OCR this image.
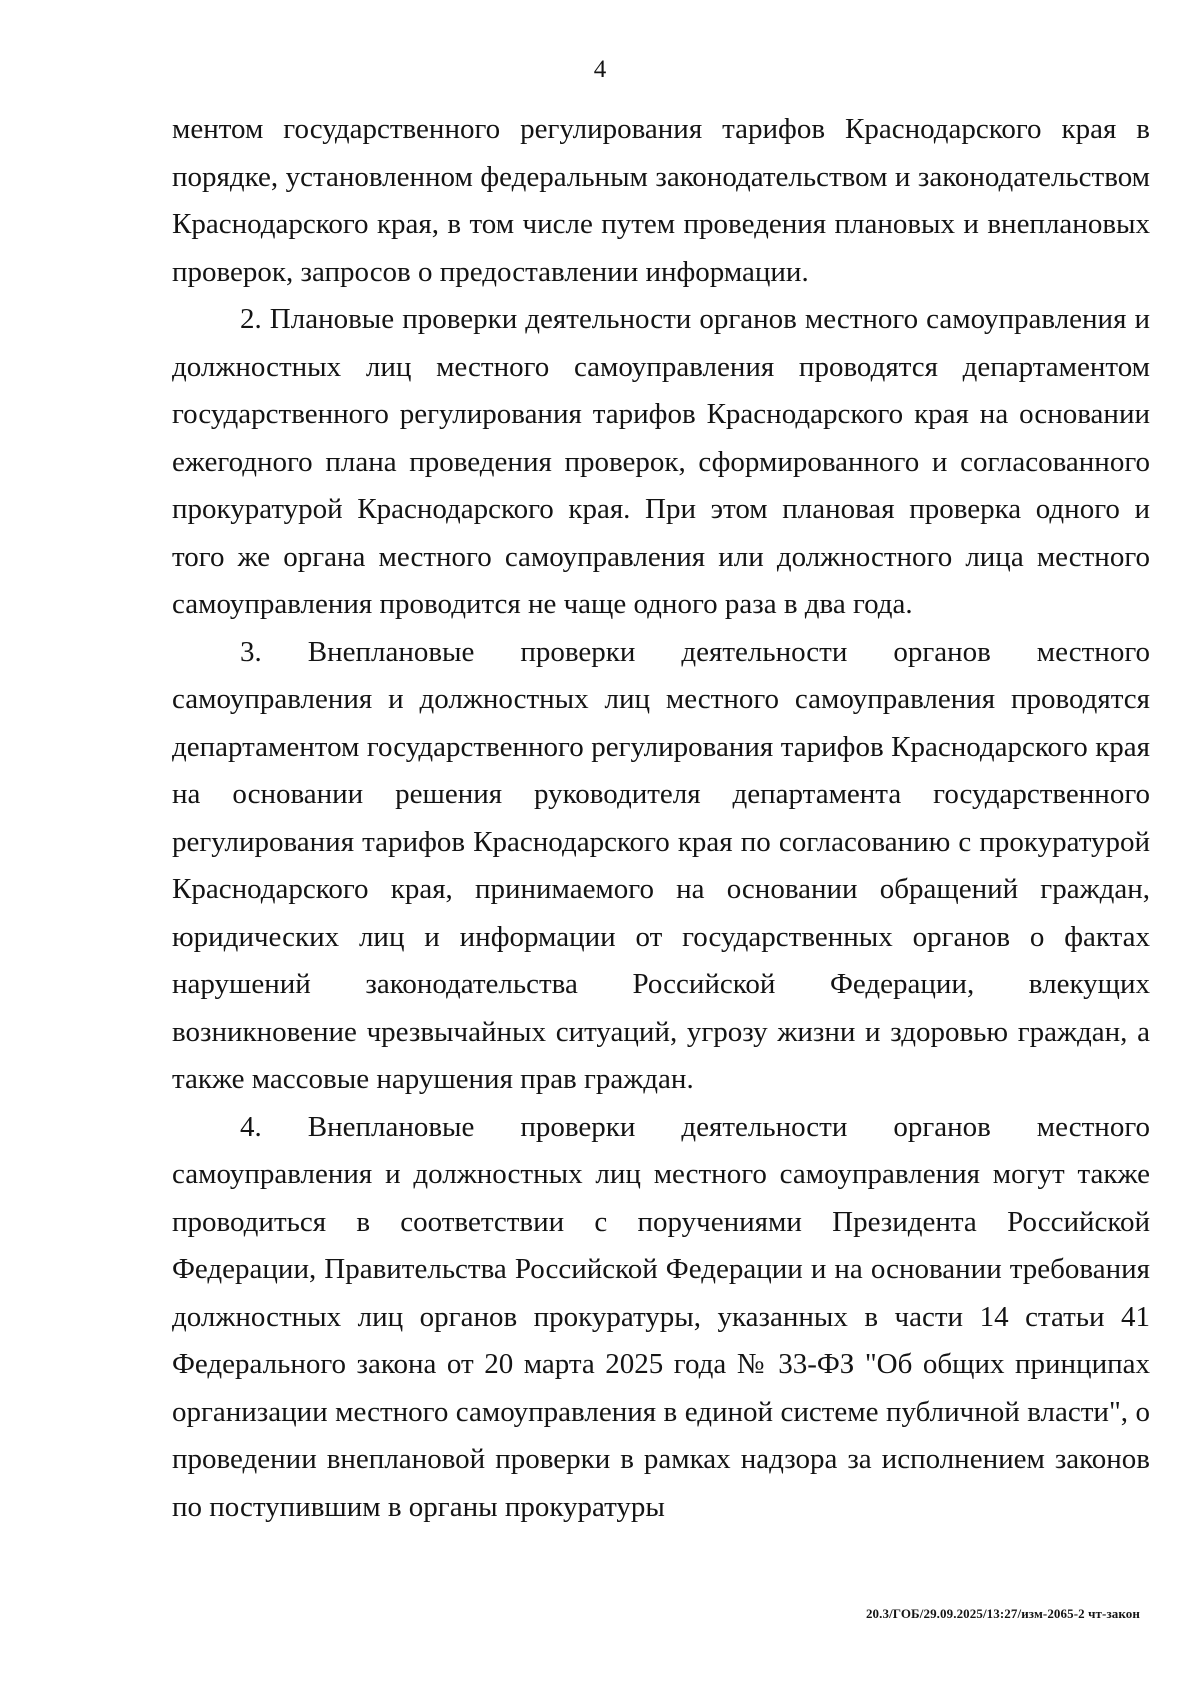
4

ментом государственного регулирования тарифов Краснодарского края в порядке, установленном федеральным законодательством и законодательством Краснодарского края, в том числе путем проведения плановых и внеплановых проверок, запросов о предоставлении информации.

2. Плановые проверки деятельности органов местного самоуправления и должностных лиц местного самоуправления проводятся департаментом государственного регулирования тарифов Краснодарского края на основании ежегодного плана проведения проверок, сформированного и согласованного прокуратурой Краснодарского края. При этом плановая проверка одного и того же органа местного самоуправления или должностного лица местного самоуправления проводится не чаще одного раза в два года.

3. Внеплановые проверки деятельности органов местного самоуправления и должностных лиц местного самоуправления проводятся департаментом государственного регулирования тарифов Краснодарского края на основании решения руководителя департамента государственного регулирования тарифов Краснодарского края по согласованию с прокуратурой Краснодарского края, принимаемого на основании обращений граждан, юридических лиц и информации от государственных органов о фактах нарушений законодательства Российской Федерации, влекущих возникновение чрезвычайных ситуаций, угрозу жизни и здоровью граждан, а также массовые нарушения прав граждан.

4. Внеплановые проверки деятельности органов местного самоуправления и должностных лиц местного самоуправления могут также проводиться в соответствии с поручениями Президента Российской Федерации, Правительства Российской Федерации и на основании требования должностных лиц органов прокуратуры, указанных в части 14 статьи 41 Федерального закона от 20 марта 2025 года № 33-ФЗ "Об общих принципах организации местного самоуправления в единой системе публичной власти", о проведении внеплановой проверки в рамках надзора за исполнением законов по поступившим в органы прокуратуры

20.3/ГОБ/29.09.2025/13:27/изм-2065-2 чт-закон
